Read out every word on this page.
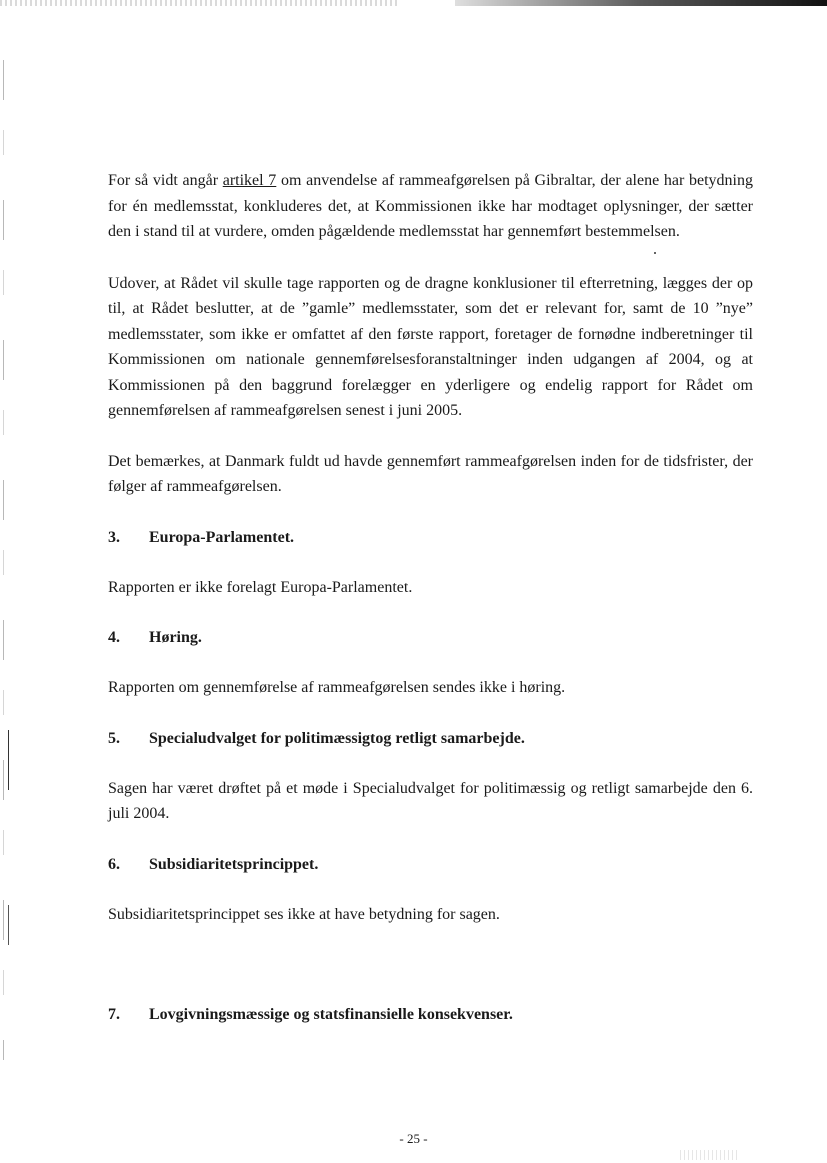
For så vidt angår artikel 7 om anvendelse af rammeafgørelsen på Gibraltar, der alene har betydning for én medlemsstat, konkluderes det, at Kommissionen ikke har modtaget oplysninger, der sætter den i stand til at vurdere, omden pågældende medlemsstat har gennemført bestemmelsen.

Udover, at Rådet vil skulle tage rapporten og de dragne konklusioner til efterretning, lægges der op til, at Rådet beslutter, at de ”gamle” medlemsstater, som det er relevant for, samt de 10 ”nye” medlemsstater, som ikke er omfattet af den første rapport, foretager de fornødne indberetninger til Kommissionen om nationale gennemførelsesforanstaltninger inden udgangen af 2004, og at Kommissionen på den baggrund forelægger en yderligere og endelig rapport for Rådet om gennemførelsen af rammeafgørelsen senest i juni 2005.

Det bemærkes, at Danmark fuldt ud havde gennemført rammeafgørelsen inden for de tidsfrister, der følger af rammeafgørelsen.

3.	Europa-Parlamentet.

Rapporten er ikke forelagt Europa-Parlamentet.

4.	Høring.

Rapporten om gennemførelse af rammeafgørelsen sendes ikke i høring.

5.	Specialudvalget for politimæssigtog retligt samarbejde.

Sagen har været drøftet på et møde i Specialudvalget for politimæssig og retligt samarbejde den 6. juli 2004.

6.	Subsidiaritetsprincippet.

Subsidiaritetsprincippet ses ikke at have betydning for sagen.

7.	Lovgivningsmæssige og statsfinansielle konsekvenser.
- 25 -
